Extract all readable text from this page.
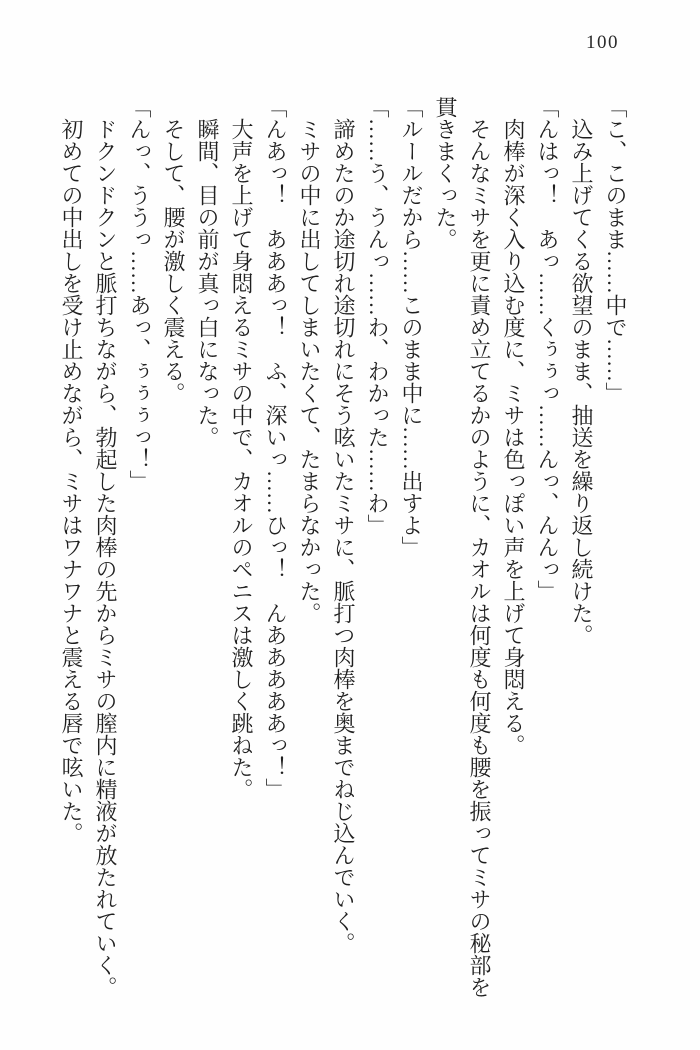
100

「こ、このまま……中で……」

込み上げてくる欲望のまま、抽送を繰り返し続けた。

「んはっ！　あっ……くぅぅっ……んっ、んんっ」

肉棒が深く入り込む度に、ミサは色っぽい声を上げて身悶える。

そんなミサを更に責め立てるかのように、カオルは何度も何度も腰を振ってミサの秘部を貫きまくった。

「ルールだから……このまま中に……出すよ」

「……う、うんっ……わ、わかった……わ」

諦めたのか途切れ途切れにそう呟いたミサに、脈打つ肉棒を奥までねじ込んでいく。

ミサの中に出してしまいたくて、たまらなかった。

「んあっ！　あああっ！　ふ、深いっ……ひっ！　んあああああっ！」

大声を上げて身悶えるミサの中で、カオルのペニスは激しく跳ねた。

瞬間、目の前が真っ白になった。

そして、腰が激しく震える。

「んっ、ううっ……あっ、ぅぅぅっ！」

ドクンドクンと脈打ちながら、勃起した肉棒の先からミサの膣内に精液が放たれていく。

初めての中出しを受け止めながら、ミサはワナワナと震える唇で呟いた。
